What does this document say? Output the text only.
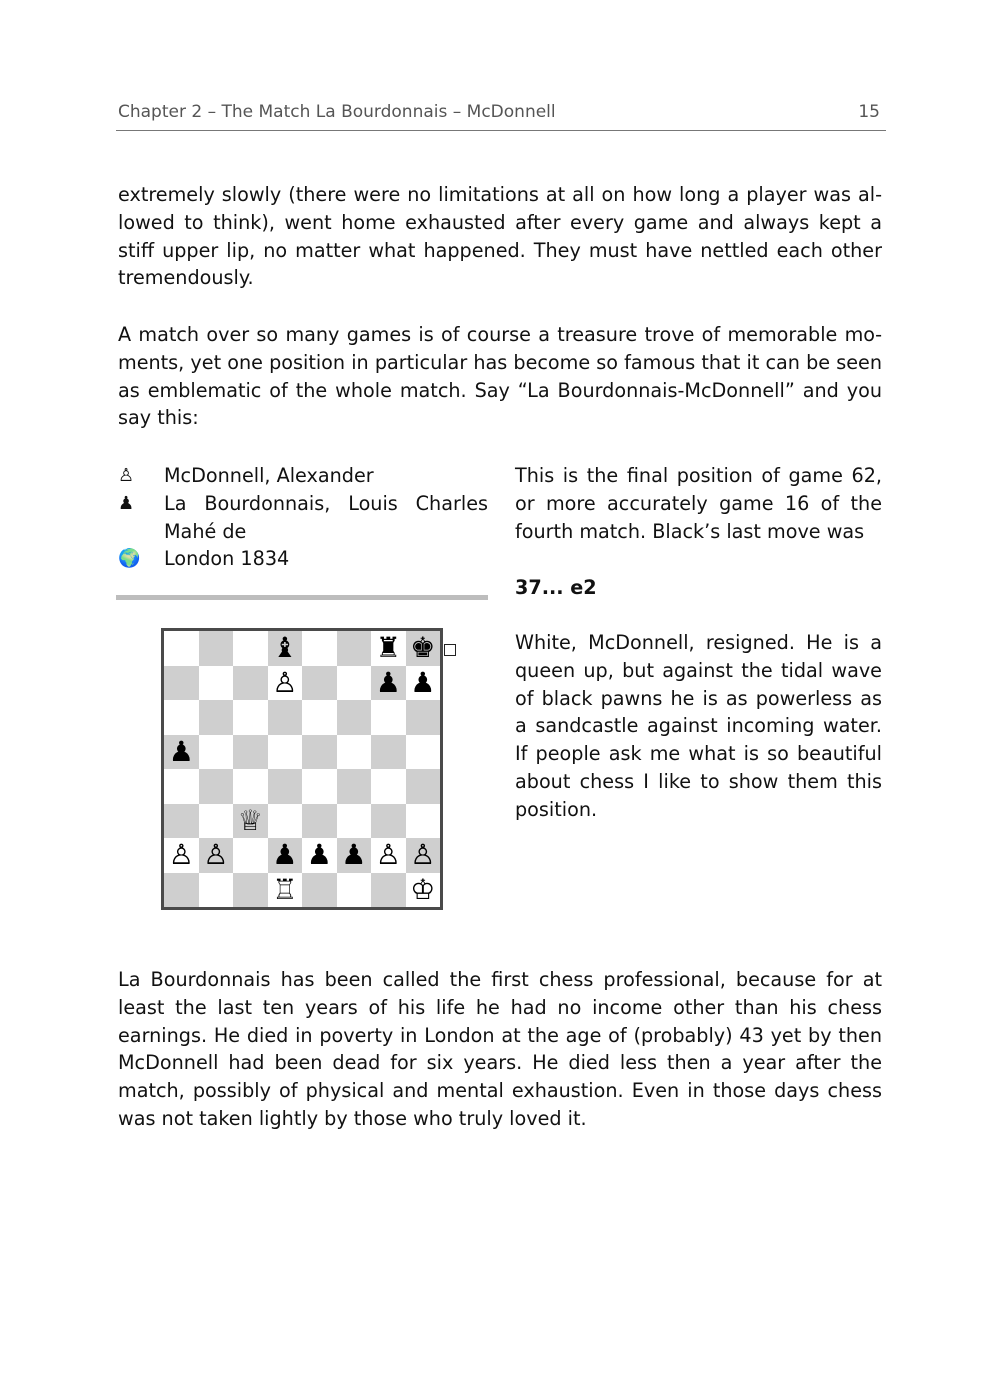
Chapter 2 – The Match La Bourdonnais – McDonnell	15

extremely slowly (there were no limitations at all on how long a player was allowed to think), went home exhausted after every game and always kept a stiff upper lip, no matter what happened. They must have nettled each other tremendously.

A match over so many games is of course a treasure trove of memorable moments, yet one position in particular has become so famous that it can be seen as emblematic of the whole match. Say “La Bourdonnais-McDonnell” and you say this:

♙	McDonnell, Alexander
♟	La Bourdonnais, Louis Charles
Mahé de
🌍	London 1834
♝	♜ ♚
♙	♟ ♟
♟
♕
♙ ♙ ♟ ♟ ♟ ♙ ♙
♖	♔

This is the final position of game 62, or more accurately game 16 of the fourth match. Black’s last move was

37... e2

White, McDonnell, resigned. He is a queen up, but against the tidal wave of black pawns he is as powerless as a sandcastle against incoming water. If people ask me what is so beautiful about chess I like to show them this position.

La Bourdonnais has been called the first chess professional, because for at least the last ten years of his life he had no income other than his chess earnings. He died in poverty in London at the age of (probably) 43 yet by then McDonnell had been dead for six years. He died less then a year after the match, possibly of physical and mental exhaustion. Even in those days chess was not taken lightly by those who truly loved it.
